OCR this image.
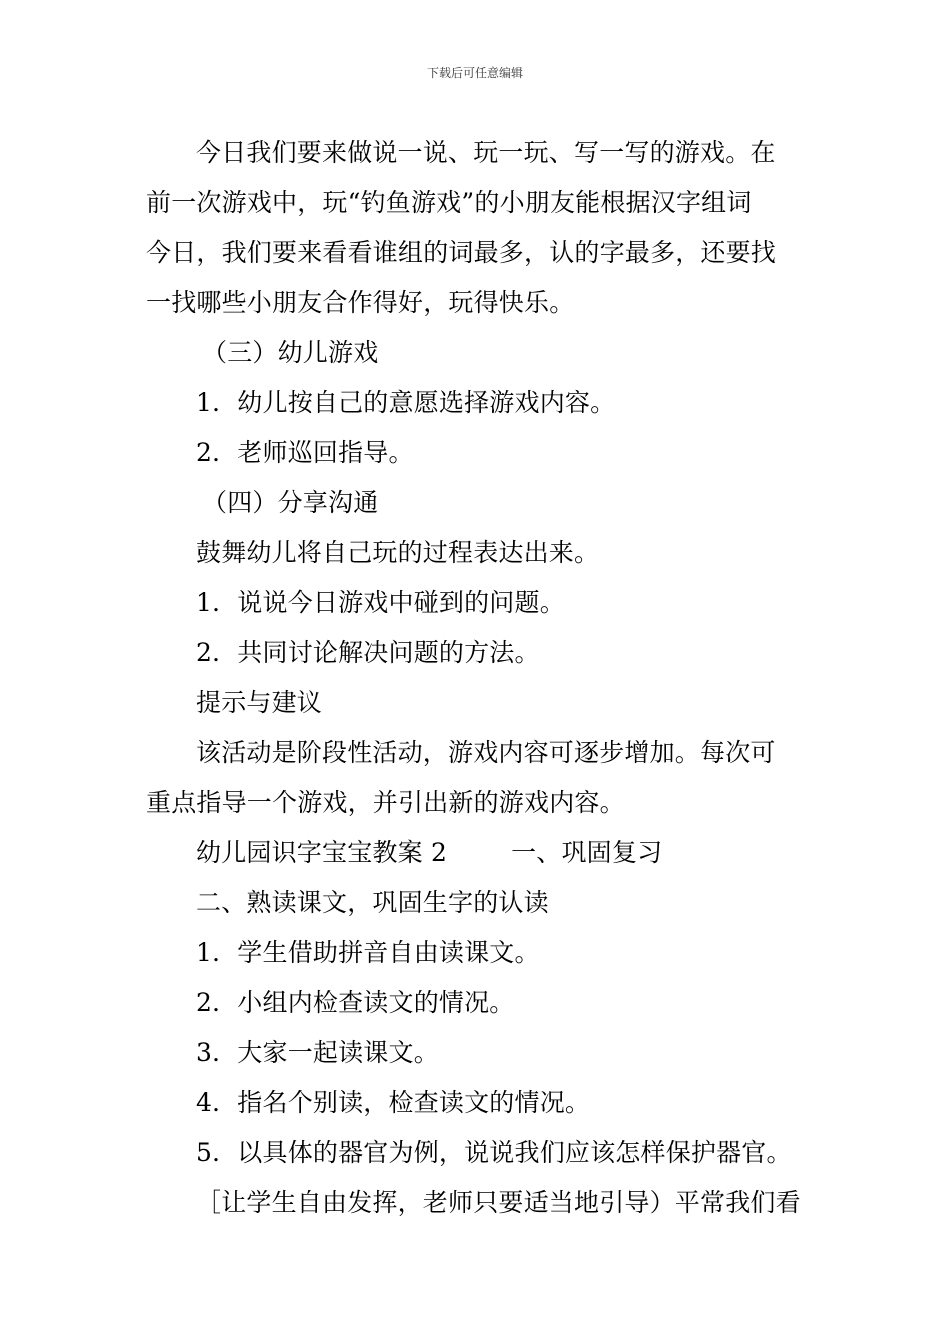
下载后可任意编辑
今日我们要来做说一说、玩一玩、写一写的游戏。在
前一次游戏中，玩“钓鱼游戏”的小朋友能根据汉字组词
今日，我们要来看看谁组的词最多，认的字最多，还要找
一找哪些小朋友合作得好，玩得快乐。
（三）幼儿游戏
1．幼儿按自己的意愿选择游戏内容。
2．老师巡回指导。
（四）分享沟通
鼓舞幼儿将自己玩的过程表达出来。
1．说说今日游戏中碰到的问题。
2．共同讨论解决问题的方法。
提示与建议
该活动是阶段性活动，游戏内容可逐步增加。每次可
重点指导一个游戏，并引出新的游戏内容。
幼儿园识字宝宝教案 2	一、巩固复习
二、熟读课文，巩固生字的认读
1．学生借助拼音自由读课文。
2．小组内检查读文的情况。
3．大家一起读课文。
4．指名个别读，检查读文的情况。
5．以具体的器官为例，说说我们应该怎样保护器官。
［让学生自由发挥，老师只要适当地引导）平常我们看
